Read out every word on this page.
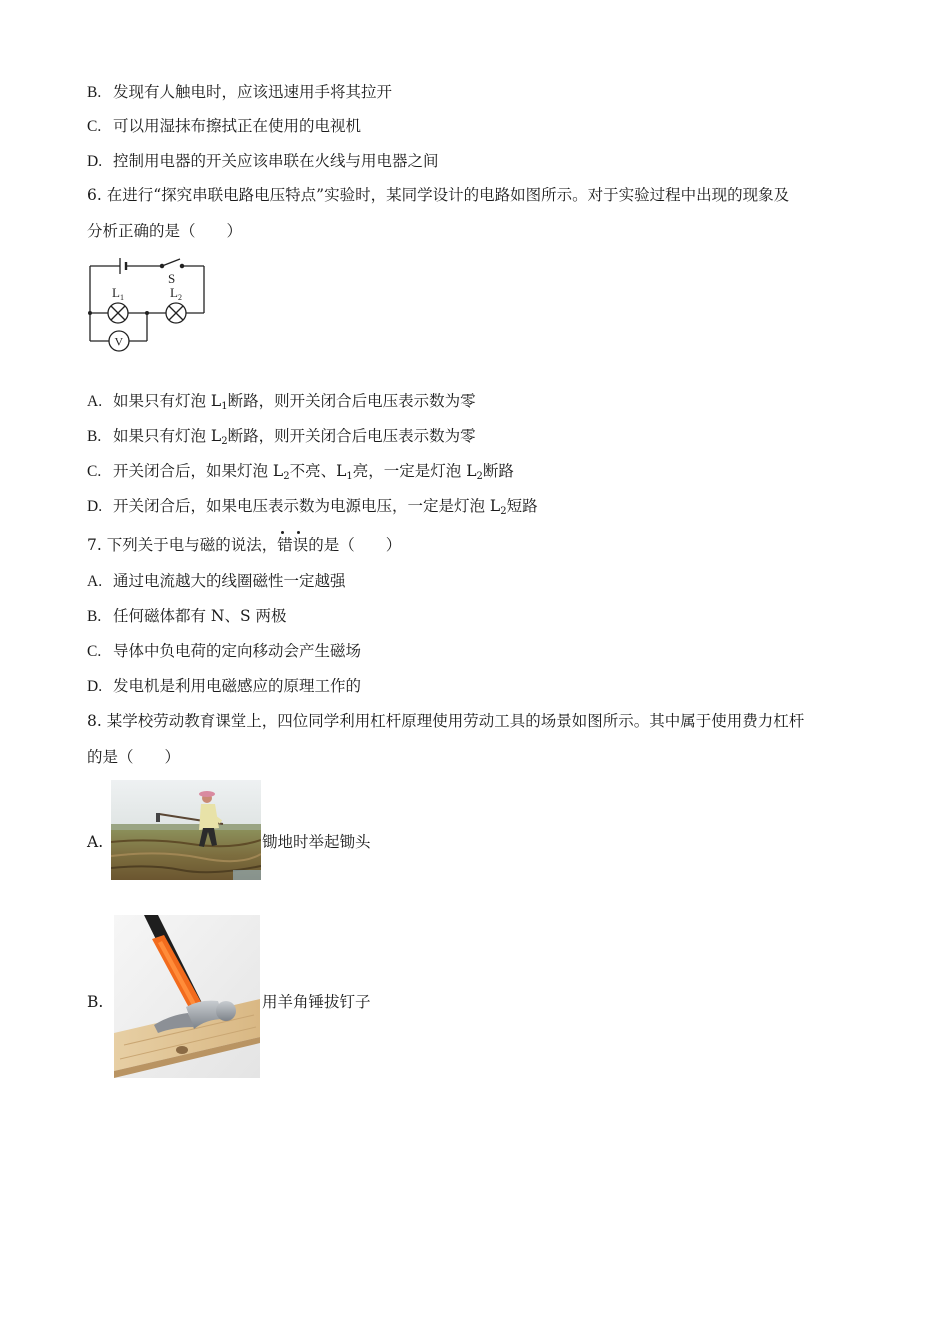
B. 发现有人触电时，应该迅速用手将其拉开
C. 可以用湿抹布擦拭正在使用的电视机
D. 控制用电器的开关应该串联在火线与用电器之间
6. 在进行“探究串联电路电压特点”实验时，某同学设计的电路如图所示。对于实验过程中出现的现象及
分析正确的是（　　）
S
L 1	L 2
V
A. 如果只有灯泡 $L_1$断路，则开关闭合后电压表示数为零
B. 如果只有灯泡 $L_2$断路，则开关闭合后电压表示数为零
C. 开关闭合后，如果灯泡 $L_2$不亮、$L_1$亮，一定是灯泡 $L_2$断路
D. 开关闭合后，如果电压表示数为电源电压，一定是灯泡 $L_2$短路
7. 下列关于电与磁的说法，错误的是（　　）
A. 通过电流越大的线圈磁性一定越强
B. 任何磁体都有 N、S 两极
C. 导体中负电荷的定向移动会产生磁场
D. 发电机是利用电磁感应的原理工作的
8. 某学校劳动教育课堂上，四位同学利用杠杆原理使用劳动工具的场景如图所示。其中属于使用费力杠杆
的是（　　）
A.	锄地时举起锄头
B.	用羊角锤拔钉子
